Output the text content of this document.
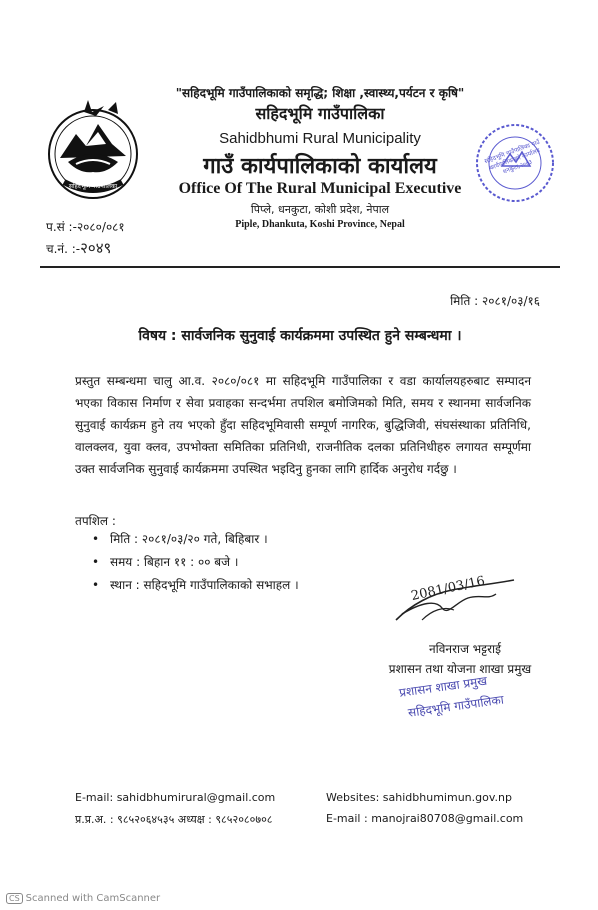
सहिदभूमि गाउँपालिका
"सहिदभूमि गाउँपालिकाको समृद्धि; शिक्षा ,स्वास्थ्य,पर्यटन र कृषि"
सहिदभूमि गाउँपालिका
Sahidbhumi Rural Municipality
गाउँ कार्यपालिकाको कार्यालय
Office Of The Rural Municipal Executive
पिप्ले, धनकुटा, कोशी प्रदेश, नेपाल
Piple, Dhankuta, Koshi Province, Nepal
सहिदभूमि गाउँपालिका गाउँ कार्यपालिकाको कार्यालय धनकुटा,२०७३
प.सं :-२०८०/०८१
च.नं. :-२०४९
मिति : २०८१/०३/१६
विषय : सार्वजनिक सुनुवाई कार्यक्रममा उपस्थित हुने सम्बन्धमा ।
प्रस्तुत सम्बन्धमा चालु आ.व. २०८०/०८१ मा सहिदभूमि गाउँपालिका र वडा कार्यालयहरुबाट सम्पादन भएका विकास निर्माण र सेवा प्रवाहका सन्दर्भमा तपशिल बमोजिमको मिति, समय र स्थानमा सार्वजनिक सुनुवाई कार्यक्रम हुने तय भएको हुँदा सहिदभूमिवासी सम्पूर्ण नागरिक, बुद्धिजिवी, संघसंस्थाका प्रतिनिधि, वालक्लव, युवा क्लव, उपभोक्ता समितिका प्रतिनिधी, राजनीतिक दलका प्रतिनिधीहरु लगायत सम्पूर्णमा उक्त सार्वजनिक सुनुवाई कार्यक्रममा उपस्थित भइदिनु हुनका लागि हार्दिक अनुरोध गर्दछु ।
तपशिल :
• मिति : २०८१/०३/२० गते, बिहिबार ।
• समय : बिहान ११ : ०० बजे ।
• स्थान : सहिदभूमि गाउँपालिकाको सभाहल ।	2081/03/16
नविनराज भट्टराई
प्रशासन तथा योजना शाखा प्रमुख
प्रशासन शाखा प्रमुख
सहिदभूमि गाउँपालिका
E-mail: sahidbhumirural@gmail.com
प्र.प्र.अ. : ९८५२०६४५३५ अध्यक्ष : ९८५२०८०७०८
Websites: sahidbhumimun.gov.np
E-mail : manojrai80708@gmail.com
CS Scanned with CamScanner
